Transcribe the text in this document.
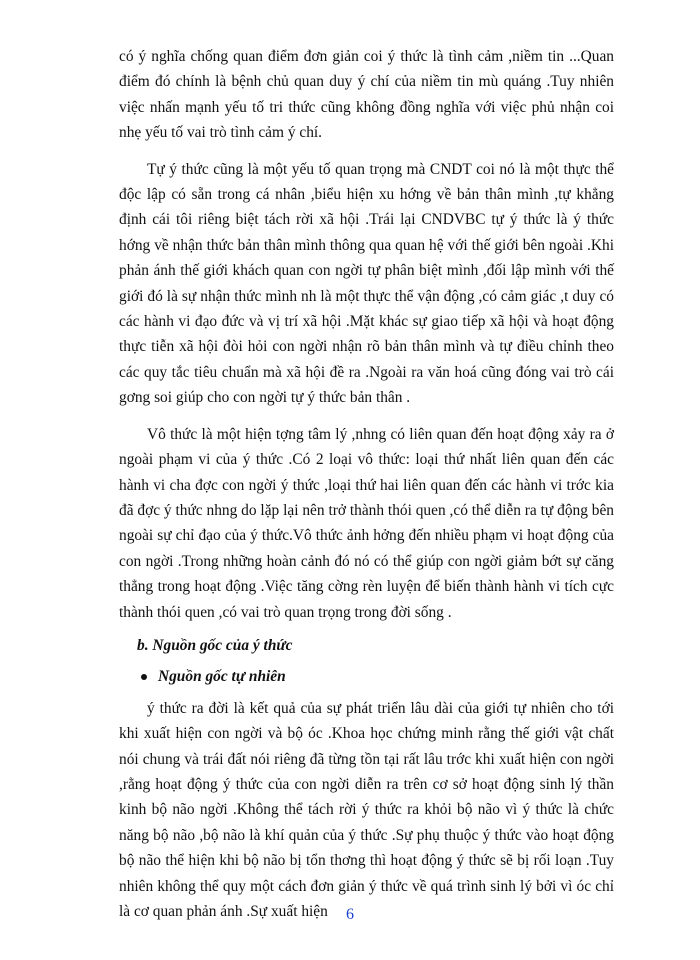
có ý nghĩa chống quan điểm đơn giản coi ý thức là tình cảm ,niềm tin ...Quan điểm đó chính là bệnh chủ quan duy ý chí của niềm tin mù quáng .Tuy nhiên việc nhấn mạnh yếu tố tri thức cũng không đồng nghĩa với việc phủ nhận coi nhẹ yếu tố vai trò tình cảm ý chí.

Tự ý thức cũng là một yếu tố quan trọng mà CNDT coi nó là một thực thể độc lập có sẵn trong cá nhân ,biểu hiện xu hớng về bản thân mình ,tự khẳng định cái tôi riêng biệt tách rời xã hội .Trái lại CNDVBC tự ý thức là ý thức hớng về nhận thức bản thân mình thông qua quan hệ với thế giới bên ngoài .Khi phản ánh thế giới khách quan con ngời tự phân biệt mình ,đối lập mình với thế giới đó là sự nhận thức mình nh là một thực thể vận động ,có cảm giác ,t duy có các hành vi đạo đức và vị trí xã hội .Mặt khác sự giao tiếp xã hội và hoạt động thực tiễn xã hội đòi hỏi con ngời nhận rõ bản thân mình và tự điều chỉnh theo các quy tắc tiêu chuẩn mà xã hội đề ra .Ngoài ra văn hoá cũng đóng vai trò cái gơng soi giúp cho con ngời tự ý thức bản thân .

Vô thức là một hiện tợng tâm lý ,nhng có liên quan đến hoạt động xảy ra ở ngoài phạm vi của ý thức .Có 2 loại vô thức: loại thứ nhất liên quan đến các hành vi cha đợc con ngời ý thức ,loại thứ hai liên quan đến các hành vi trớc kia đã đợc ý thức nhng do lặp lại nên trở thành thói quen ,có thể diễn ra tự động bên ngoài sự chỉ đạo của ý thức.Vô thức ảnh hởng đến nhiều phạm vi hoạt động của con ngời .Trong những hoàn cảnh đó nó có thể giúp con ngời giảm bớt sự căng thẳng trong hoạt động .Việc tăng cờng rèn luyện để biến thành hành vi tích cực thành thói quen ,có vai trò quan trọng trong đời sống .

b. Nguồn gốc của ý thức
Nguồn gốc tự nhiên

ý thức ra đời là kết quả của sự phát triển lâu dài của giới tự nhiên cho tới khi xuất hiện con ngời và bộ óc .Khoa học chứng minh rằng thế giới vật chất nói chung và trái đất nói riêng đã từng tồn tại rất lâu trớc khi xuất hiện con ngời ,rằng hoạt động ý thức của con ngời diễn ra trên cơ sở hoạt động sinh lý thần kinh bộ não ngời .Không thể tách rời ý thức ra khỏi bộ não vì ý thức là chức năng bộ não ,bộ não là khí quản của ý thức .Sự phụ thuộc ý thức vào hoạt động bộ não thể hiện khi bộ não bị tổn thơng thì hoạt động ý thức sẽ bị rối loạn .Tuy nhiên không thể quy một cách đơn giản ý thức về quá trình sinh lý bởi vì óc chỉ là cơ quan phản ánh .Sự xuất hiện	6
